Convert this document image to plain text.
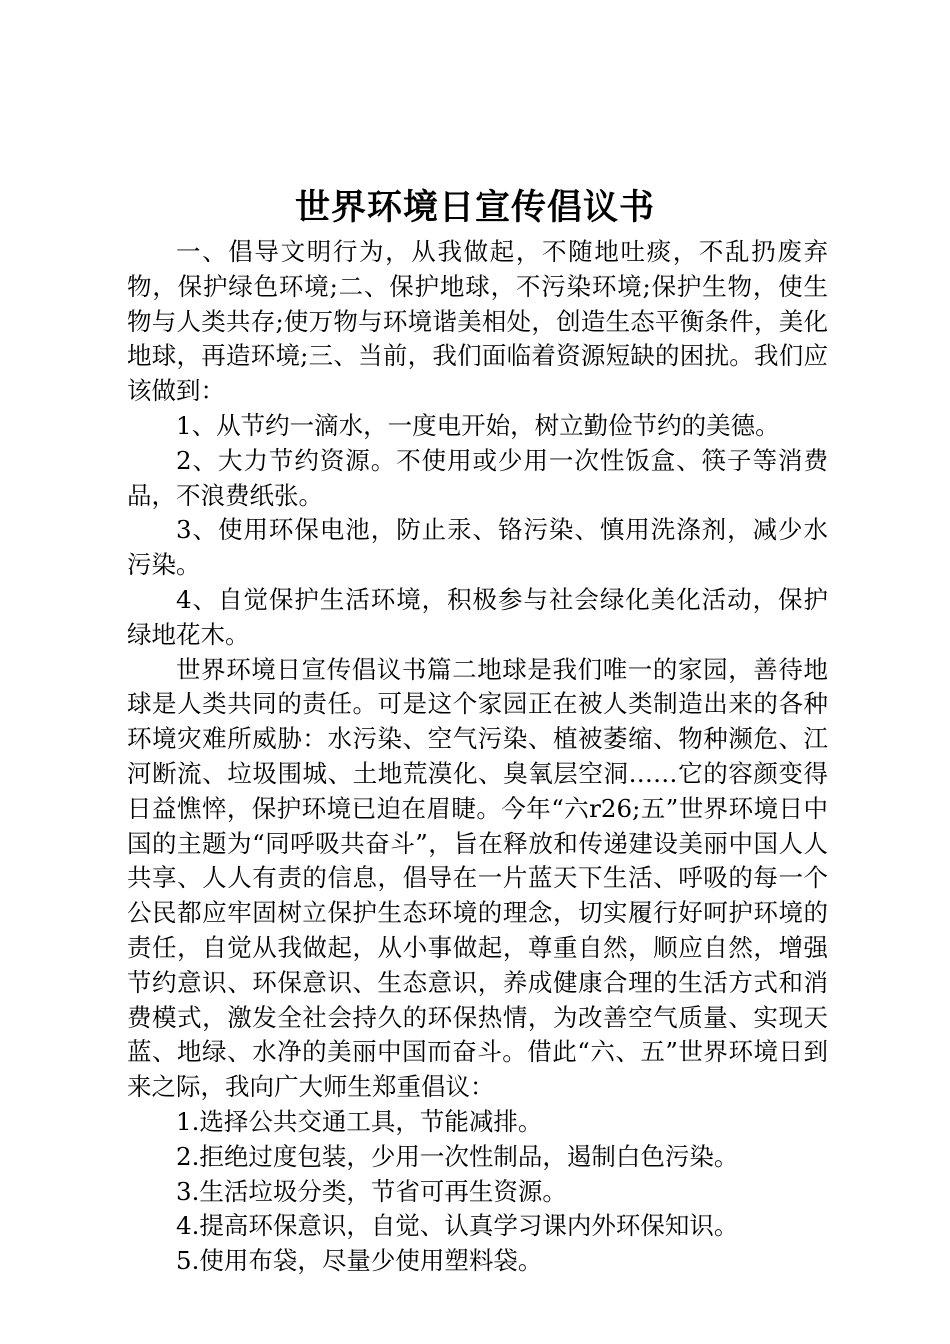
世界环境日宣传倡议书

一、倡导文明行为，从我做起，不随地吐痰，不乱扔废弃物，保护绿色环境;二、保护地球，不污染环境;保护生物，使生物与人类共存;使万物与环境谐美相处，创造生态平衡条件，美化地球，再造环境;三、当前，我们面临着资源短缺的困扰。我们应该做到：

1、从节约一滴水，一度电开始，树立勤俭节约的美德。

2、大力节约资源。不使用或少用一次性饭盒、筷子等消费品，不浪费纸张。

3、使用环保电池，防止汞、铬污染、慎用洗涤剂，减少水污染。

4、自觉保护生活环境，积极参与社会绿化美化活动，保护绿地花木。

世界环境日宣传倡议书篇二地球是我们唯一的家园，善待地球是人类共同的责任。可是这个家园正在被人类制造出来的各种环境灾难所威胁：水污染、空气污染、植被萎缩、物种濒危、江河断流、垃圾围城、土地荒漠化、臭氧层空洞……它的容颜变得日益憔悴，保护环境已迫在眉睫。今年“六r26;五”世界环境日中国的主题为“同呼吸共奋斗”，旨在释放和传递建设美丽中国人人共享、人人有责的信息，倡导在一片蓝天下生活、呼吸的每一个公民都应牢固树立保护生态环境的理念，切实履行好呵护环境的责任，自觉从我做起，从小事做起，尊重自然，顺应自然，增强节约意识、环保意识、生态意识，养成健康合理的生活方式和消费模式，激发全社会持久的环保热情，为改善空气质量、实现天蓝、地绿、水净的美丽中国而奋斗。借此“六、五”世界环境日到来之际，我向广大师生郑重倡议：

1.选择公共交通工具，节能减排。

2.拒绝过度包装，少用一次性制品，遏制白色污染。

3.生活垃圾分类，节省可再生资源。

4.提高环保意识，自觉、认真学习课内外环保知识。

5.使用布袋，尽量少使用塑料袋。
